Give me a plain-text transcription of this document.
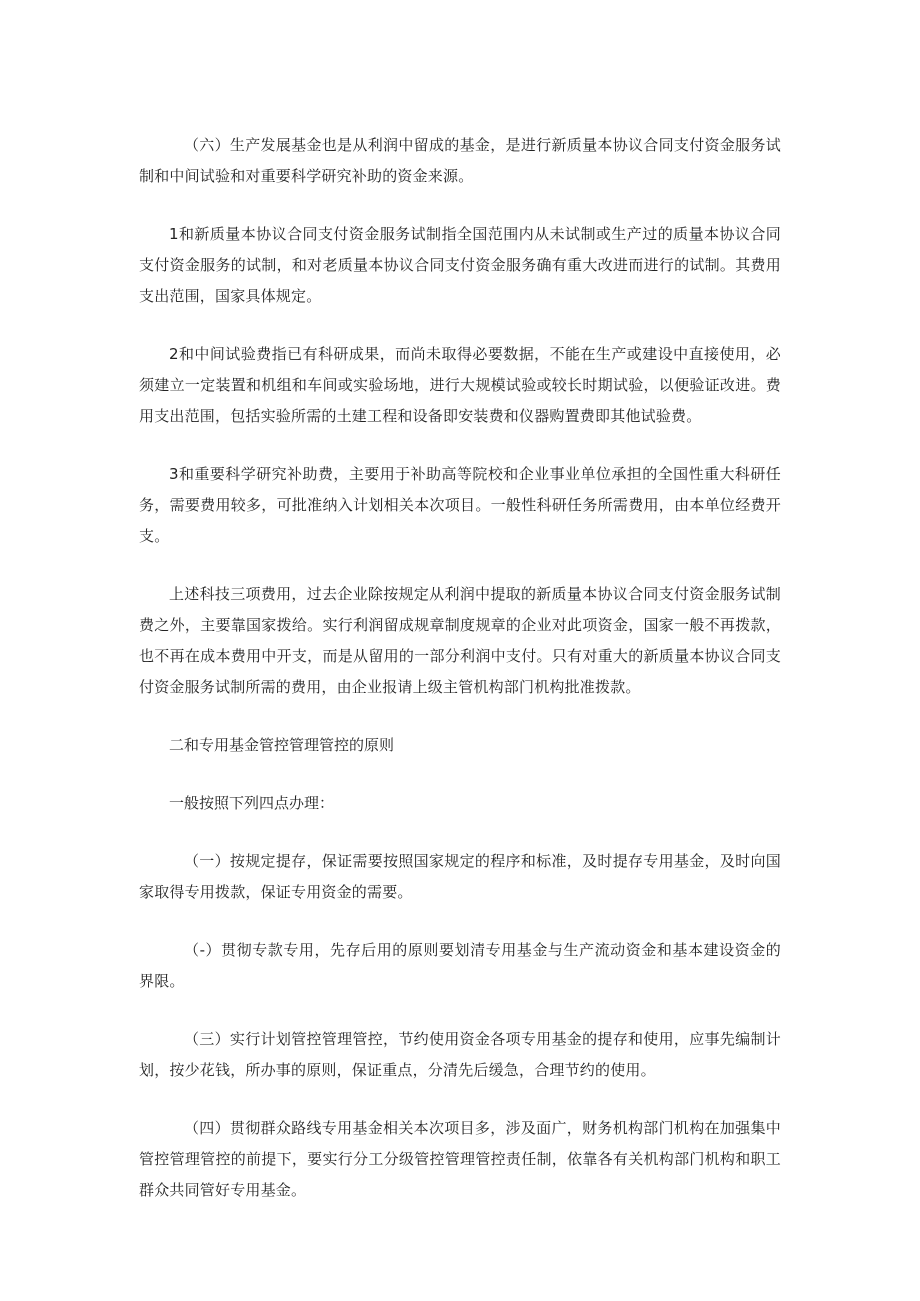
（六）生产发展基金也是从利润中留成的基金，是进行新质量本协议合同支付资金服务试制和中间试验和对重要科学研究补助的资金来源。

1和新质量本协议合同支付资金服务试制指全国范围内从未试制或生产过的质量本协议合同支付资金服务的试制，和对老质量本协议合同支付资金服务确有重大改进而进行的试制。其费用支出范围，国家具体规定。

2和中间试验费指已有科研成果，而尚未取得必要数据，不能在生产或建设中直接使用，必须建立一定装置和机组和车间或实验场地，进行大规模试验或较长时期试验，以便验证改进。费用支出范围，包括实验所需的土建工程和设备即安装费和仪器购置费即其他试验费。

3和重要科学研究补助费，主要用于补助高等院校和企业事业单位承担的全国性重大科研任务，需要费用较多，可批准纳入计划相关本次项目。一般性科研任务所需费用，由本单位经费开支。

上述科技三项费用，过去企业除按规定从利润中提取的新质量本协议合同支付资金服务试制费之外，主要靠国家拨给。实行利润留成规章制度规章的企业对此项资金，国家一般不再拨款，也不再在成本费用中开支，而是从留用的一部分利润中支付。只有对重大的新质量本协议合同支付资金服务试制所需的费用，由企业报请上级主管机构部门机构批准拨款。

二和专用基金管控管理管控的原则

一般按照下列四点办理：

（一）按规定提存，保证需要按照国家规定的程序和标准，及时提存专用基金，及时向国家取得专用拨款，保证专用资金的需要。

（-）贯彻专款专用，先存后用的原则要划清专用基金与生产流动资金和基本建设资金的界限。

（三）实行计划管控管理管控，节约使用资金各项专用基金的提存和使用，应事先编制计划，按少花钱，所办事的原则，保证重点，分清先后缓急，合理节约的使用。

（四）贯彻群众路线专用基金相关本次项目多，涉及面广，财务机构部门机构在加强集中管控管理管控的前提下，要实行分工分级管控管理管控责任制，依靠各有关机构部门机构和职工群众共同管好专用基金。
